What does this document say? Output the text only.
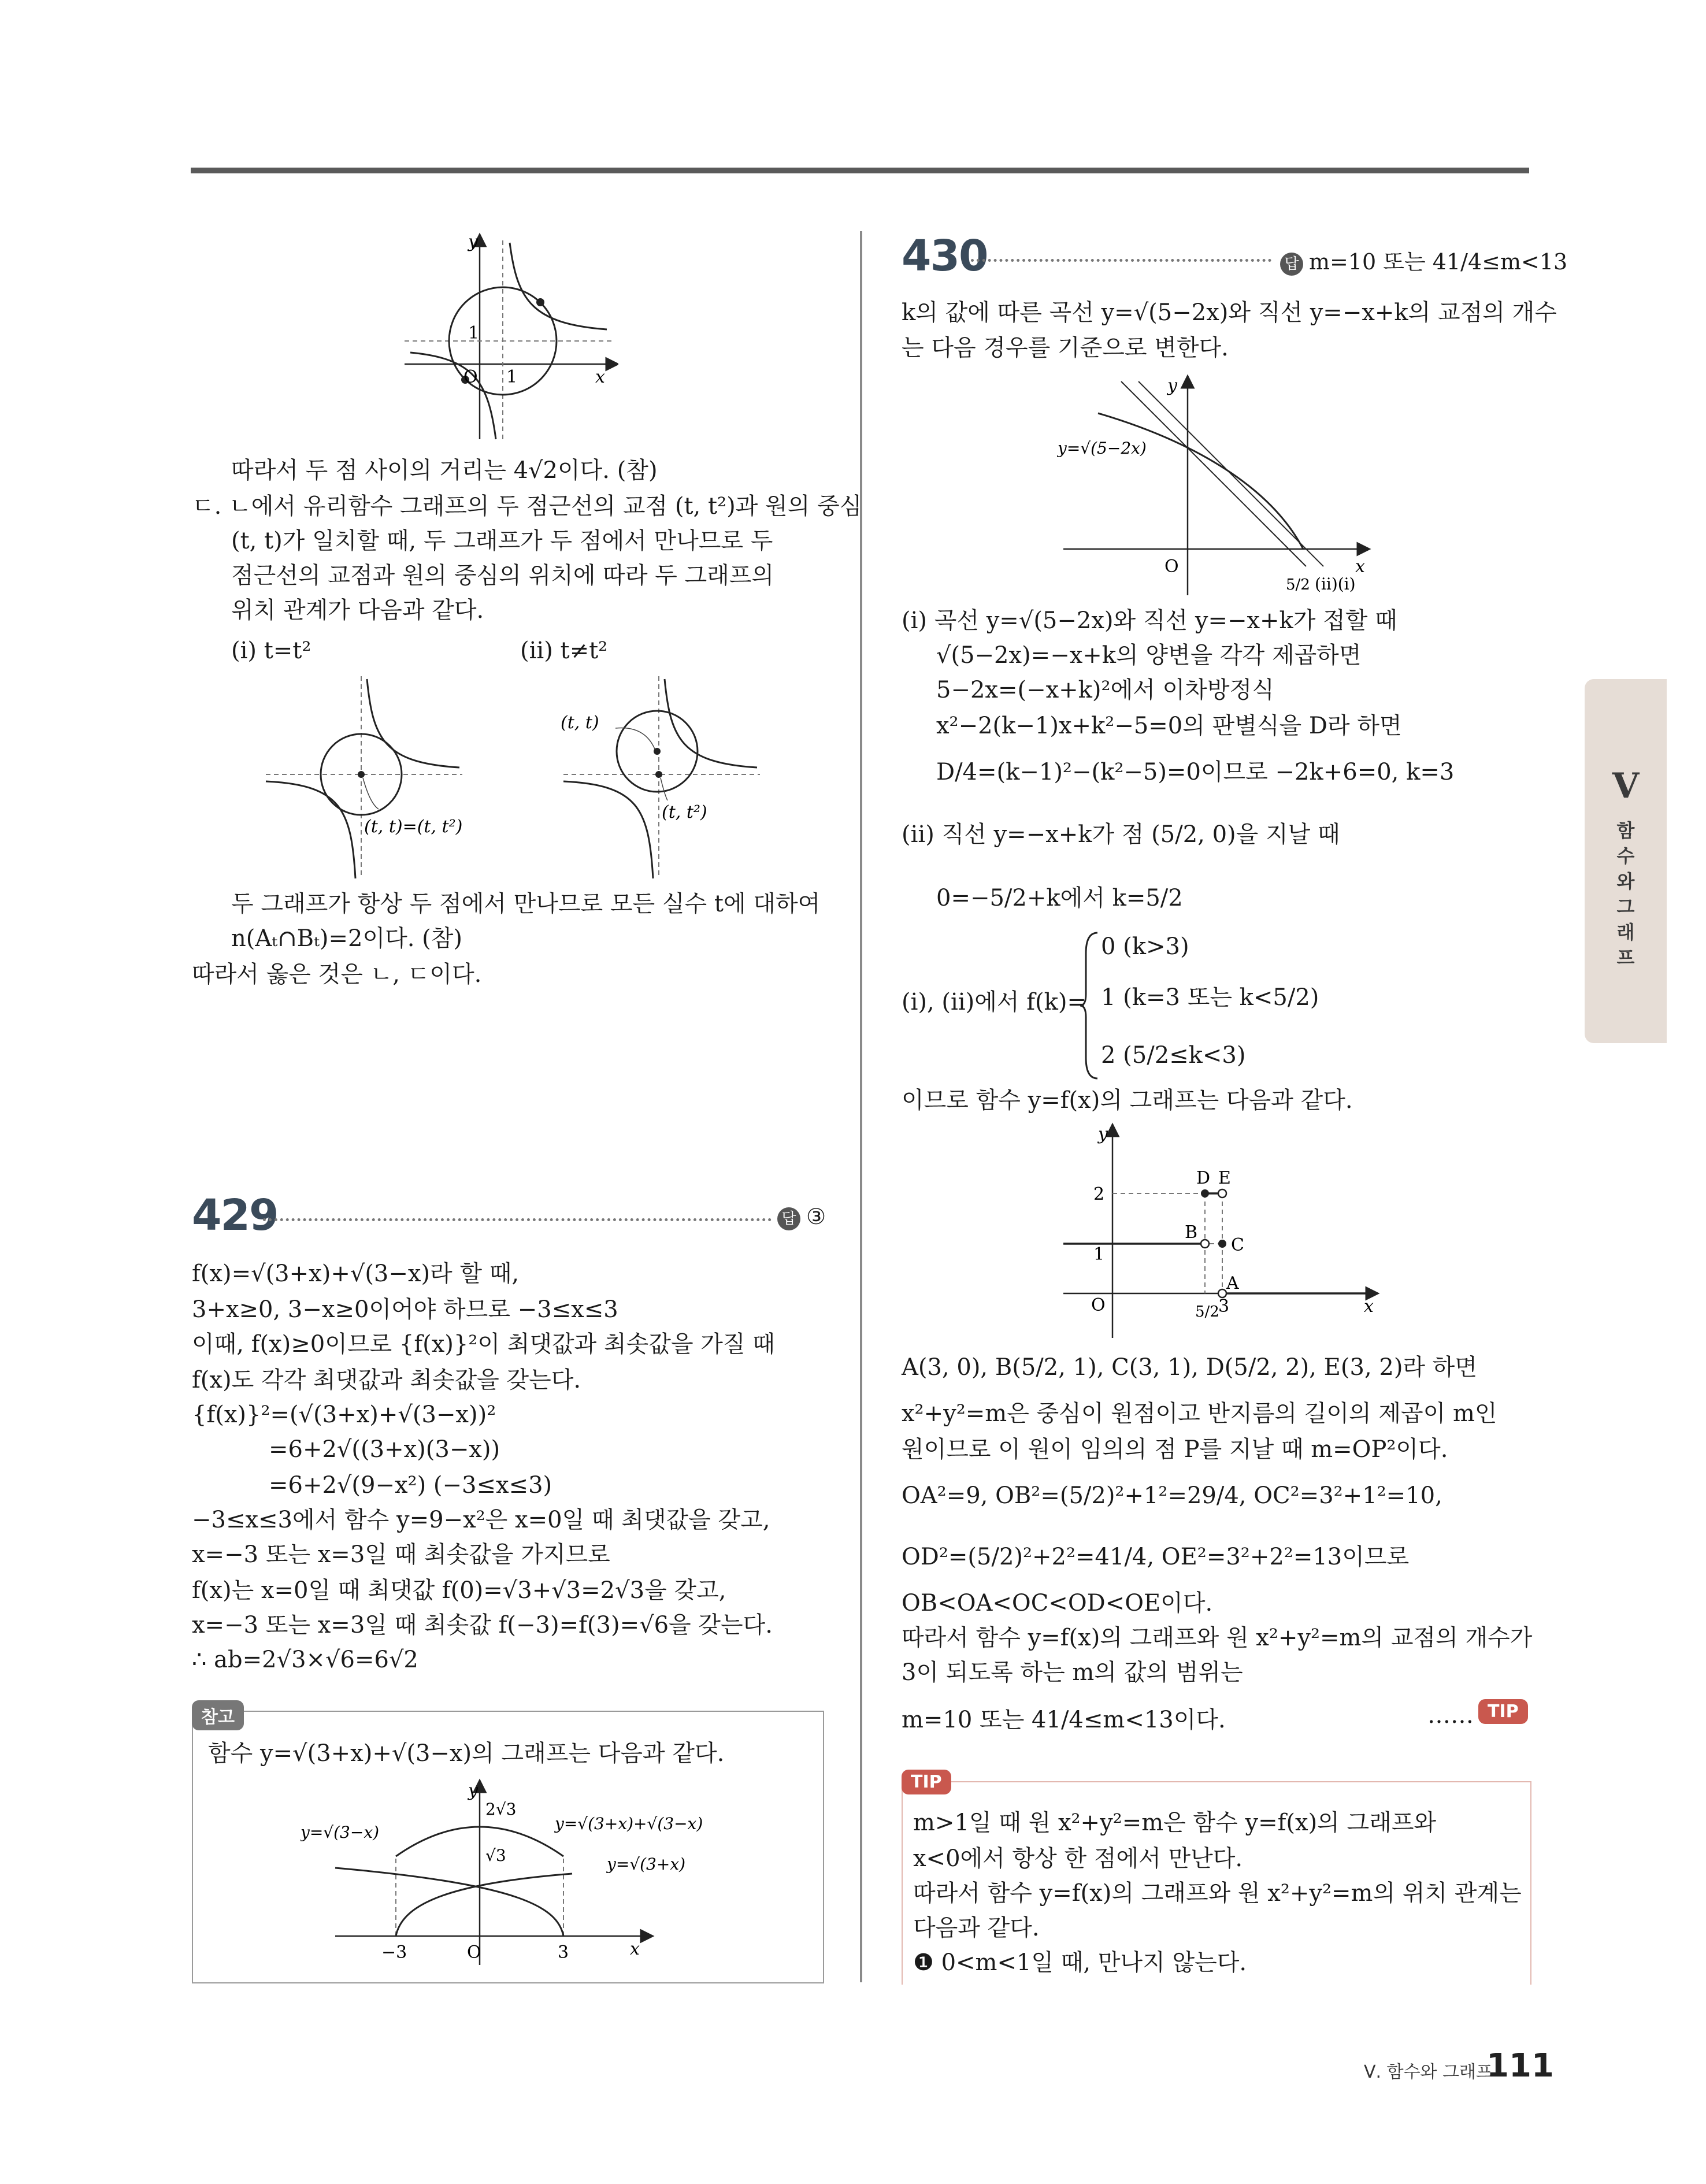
y
x
O 1
1
따라서 두 점 사이의 거리는 4√2이다. (참)
ㄷ. ㄴ에서 유리함수 그래프의 두 점근선의 교점 (t, t²)과 원의 중심
(t, t)가 일치할 때, 두 그래프가 두 점에서 만나므로 두
점근선의 교점과 원의 중심의 위치에 따라 두 그래프의
위치 관계가 다음과 같다.
(ⅰ) t=t²	(ⅱ) t≠t²
(t, t)=(t, t²)
(t, t)
(t, t²)
두 그래프가 항상 두 점에서 만나므로 모든 실수 t에 대하여
n(Aₜ∩Bₜ)=2이다. (참)
따라서 옳은 것은 ㄴ, ㄷ이다.
429	답 ③
f(x)=√(3+x)+√(3−x)라 할 때,
3+x≥0, 3−x≥0이어야 하므로 −3≤x≤3
이때, f(x)≥0이므로 {f(x)}²이 최댓값과 최솟값을 가질 때
f(x)도 각각 최댓값과 최솟값을 갖는다.
{f(x)}²=(√(3+x)+√(3−x))²
=6+2√((3+x)(3−x))
=6+2√(9−x²) (−3≤x≤3)
−3≤x≤3에서 함수 y=9−x²은 x=0일 때 최댓값을 갖고,
x=−3 또는 x=3일 때 최솟값을 가지므로
f(x)는 x=0일 때 최댓값 f(0)=√3+√3=2√3을 갖고,
x=−3 또는 x=3일 때 최솟값 f(−3)=f(3)=√6을 갖는다.
∴ ab=2√3×√6=6√2
참고
함수 y=√(3+x)+√(3−x)의 그래프는 다음과 같다.
y
x
O
−3	3
2√3
√3
y=√(3−x)	y=√(3+x)+√(3−x)
y=√(3+x)
430	답 m=10 또는 41/4≤m<13
k의 값에 따른 곡선 y=√(5−2x)와 직선 y=−x+k의 교점의 개수
는 다음 경우를 기준으로 변한다.
y
x
O
y=√(5−2x)
5/2 (ⅱ)(ⅰ)
(ⅰ) 곡선 y=√(5−2x)와 직선 y=−x+k가 접할 때
√(5−2x)=−x+k의 양변을 각각 제곱하면
5−2x=(−x+k)²에서 이차방정식
x²−2(k−1)x+k²−5=0의 판별식을 D라 하면
D/4=(k−1)²−(k²−5)=0이므로 −2k+6=0, k=3
(ⅱ) 직선 y=−x+k가 점 (5/2, 0)을 지날 때
0=−5/2+k에서 k=5/2
(ⅰ), (ⅱ)에서 f(k)=
0 (k>3)
1 (k=3 또는 k<5/2)
2 (5/2≤k<3)
이므로 함수 y=f(x)의 그래프는 다음과 같다.
y
x
O
2
1
5/2
3
D E
B
C
A
A(3, 0), B(5/2, 1), C(3, 1), D(5/2, 2), E(3, 2)라 하면
x²+y²=m은 중심이 원점이고 반지름의 길이의 제곱이 m인
원이므로 이 원이 임의의 점 P를 지날 때 m=OP²이다.
OA²=9, OB²=(5/2)²+1²=29/4, OC²=3²+1²=10,
OD²=(5/2)²+2²=41/4, OE²=3²+2²=13이므로
OB<OA<OC<OD<OE이다.
따라서 함수 y=f(x)의 그래프와 원 x²+y²=m의 교점의 개수가
3이 되도록 하는 m의 값의 범위는
m=10 또는 41/4≤m<13이다.	…… TIP
TIP
m>1일 때 원 x²+y²=m은 함수 y=f(x)의 그래프와
x<0에서 항상 한 점에서 만난다.
따라서 함수 y=f(x)의 그래프와 원 x²+y²=m의 위치 관계는
다음과 같다.
❶ 0<m<1일 때, 만나지 않는다.
V
함
수
와
그
래
프
Ⅴ. 함수와 그래프
111
